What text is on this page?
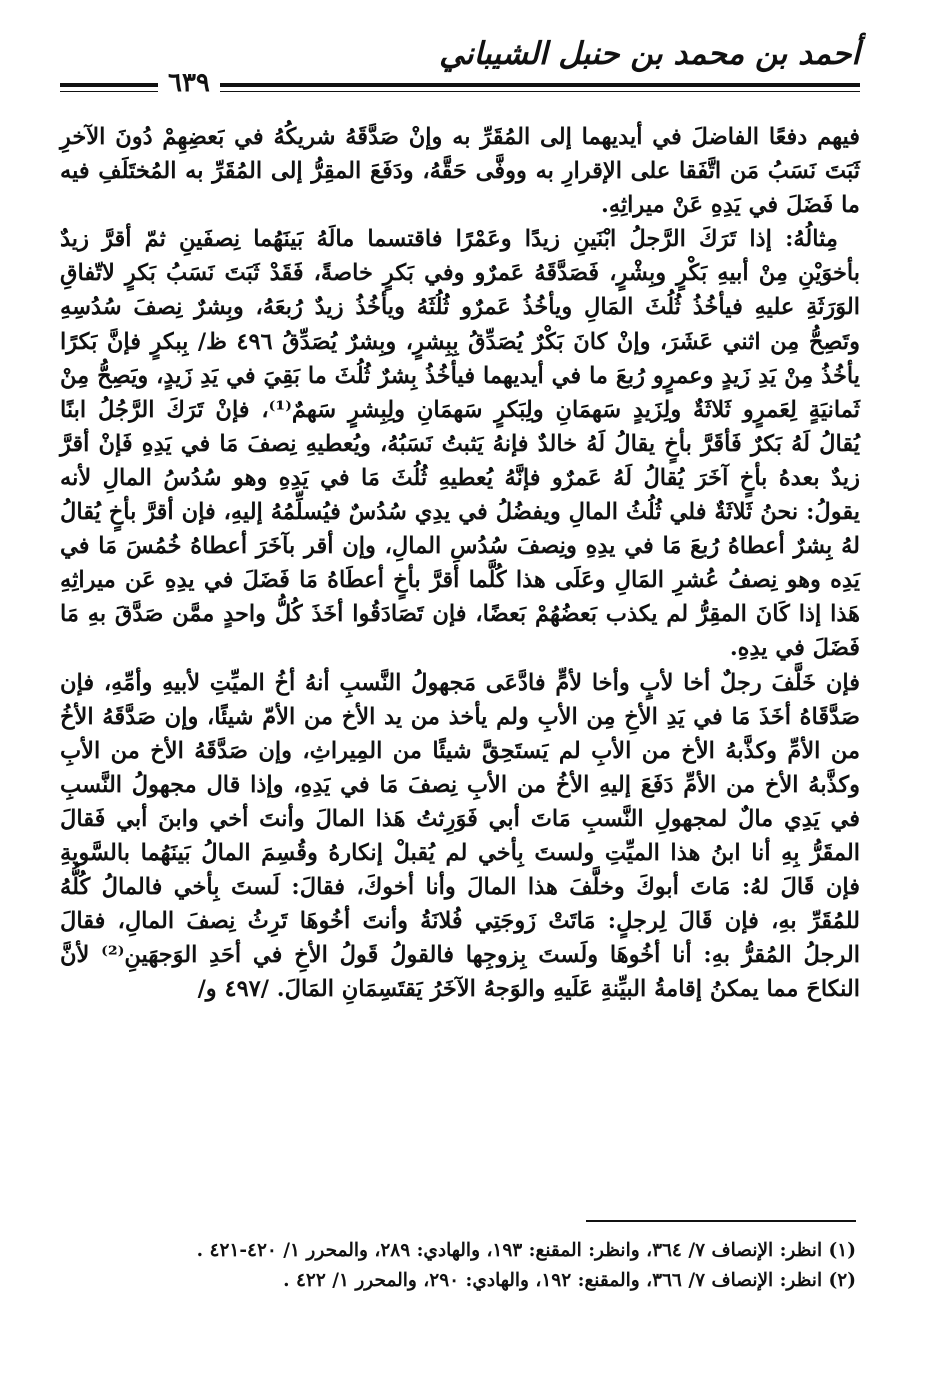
أحمد بن محمد بن حنبل الشيباني
٦٣٩

فيهم دفعًا الفاضلَ في أيديهما إلى المُقَرِّ به وإنْ صَدَّقَهُ شريكُهُ في بَعضِهِمْ دُونَ الآخرِ ثَبَتَ نَسَبُ مَن اتَّفَقا على الإقرارِ به ووفَّى حَقَّهُ، ودَفَعَ المقِرُّ إلى المُقَرِّ به المُختَلَفِ فيه ما فَضَلَ في يَدِهِ عَنْ ميراثِهِ.

مِثالُهُ: إذا تَرَكَ الرَّجلُ ابْنَينِ زيدًا وعَمْرًا فاقتسما مالَهُ بَينَهُما نِصفَينِ ثمّ أقرَّ زيدٌ بأخوَيْنِ مِنْ أبيهِ بَكْرٍ وبِشْرٍ، فَصَدَّقَهُ عَمرٌو وفي بَكرٍ خاصةً، فَقَدْ ثَبَتَ نَسَبُ بَكرٍ لاتّفاقِ الوَرَثَةِ عليهِ فيأخُذُ ثُلُثَ المَالِ ويأخُذُ عَمرٌو ثُلُثَهُ ويأخُذُ زيدٌ رُبعَهُ، وبِشرٌ نِصفَ سُدُسِهِ وتَصِحُّ مِن اثني عَشَرَ، وإنْ كانَ بَكْرٌ يُصَدِّقُ بِبِشرٍ، وبِشرٌ يُصَدِّقُ ٤٩٦ ظ/ بِبكرٍ فإنَّ بَكرًا يأخُذُ مِنْ يَدِ زَيدٍ وعمرٍو رُبعَ ما في أيديهما فيأخُذُ بِشرٌ ثُلُثَ ما بَقِيَ في يَدِ زَيدٍ، ويَصِحُّ مِنْ ثَمانيَةٍ لِعَمرٍو ثَلاثَةٌ ولِزَيدٍ سَهمَانِ ولِبَكرٍ سَهمَانِ ولِبِشرٍ سَهمٌ⁽¹⁾، فإنْ تَرَكَ الرَّجُلُ ابنًا يُقالُ لَهُ بَكرٌ فَأقَرَّ بأخٍ يقالُ لَهُ خالدٌ فإنهُ يَثبتُ نَسَبُهُ، ويُعطيهِ نِصفَ مَا في يَدِهِ فَإنْ أقرَّ زيدٌ بعدهُ بأخٍ آخَرَ يُقالُ لَهُ عَمرٌو فإنَّهُ يُعطيهِ ثُلُثَ مَا في يَدِهِ وهو سُدُسُ المالِ لأنه يقولُ: نحنُ ثَلاثَةٌ فلي ثُلُثُ المالِ ويفضُلُ في يدِي سُدُسٌ فيُسلِّمُهُ إليهِ، فإن أقرَّ بأخٍ يُقالُ لهُ بِشرٌ أعطاهُ رُبعَ مَا في يدِهِ ونِصفَ سُدُسِ المالِ، وإن أقر بآخَرَ أعطاهُ خُمُسَ مَا في يَدِه وهو نِصفُ عُشرِ المَالِ وعَلَى هذا كُلَّما أقرَّ بأخٍ أعطَاهُ مَا فَضَلَ في يدِهِ عَن ميراثِهِ هَذا إذا كَانَ المقِرُّ لم يكذب بَعضُهُمْ بَعضًا، فإن تَصَادَقُوا أخَذَ كُلُّ واحدٍ ممَّن صَدَّقَ بهِ مَا فَضَلَ في يدِهِ.

فإن خَلَّفَ رجلٌ أخا لأبٍ وأخا لأمٍّ فادَّعَى مَجهولُ النَّسبِ أنهُ أخُ الميِّتِ لأبيهِ وأمِّهِ، فإن صَدَّقَاهُ أخَذَ مَا في يَدِ الأخِ مِن الأبِ ولم يأخذ من يد الأخ من الأمّ شيئًا، وإن صَدَّقَهُ الأخُ من الأمِّ وكذَّبهُ الأخ من الأبِ لم يَستَحِقَّ شيئًا من المِيراثِ، وإن صَدَّقَهُ الأخ من الأبِ وكذَّبهُ الأخ من الأمِّ دَفَعَ إليهِ الأخُ من الأبِ نِصفَ مَا في يَدِهِ، وإذا قال مجهولُ النَّسبِ في يَدِي مالٌ لمجهولِ النَّسبِ مَاتَ أبي فَوَرِثتُ هَذا المالَ وأنتَ أخي وابنَ أبي فَقالَ المقَرُّ بِهِ أنا ابنُ هذا الميِّتِ ولستَ بِأخي لم يُقبلْ إنكارهُ وقُسِمَ المالُ بَينَهُما بالسَّويةِ فإن قَالَ لهُ: مَاتَ أبوكَ وخلَّفَ هذا المالَ وأنا أخوكَ، فقالَ: لَستَ بِأخي فالمالُ كُلُّهُ للمُقَرِّ بهِ، فإن قَالَ لِرجلٍ: مَاتَتْ زَوجَتِي فُلانَةُ وأنتَ أخُوهَا تَرِثُ نِصفَ المالِ، فقالَ الرجلُ المُقرُّ بهِ: أنا أخُوهَا ولَستَ بِزوجِها فالقولُ قَولُ الأخِ في أحَدِ الوَجهَينِ⁽²⁾ لأنَّ النكاحَ مما يمكنُ إقامةُ البيِّنةِ عَلَيهِ والوَجهُ الآخَرُ يَقتَسِمَانِ المَالَ. /٤٩٧ و/

(١) انظر: الإنصاف ٧/ ٣٦٤، وانظر: المقنع: ١٩٣، والهادي: ٢٨٩، والمحرر ١/ ٤٢٠-٤٢١ .

(٢) انظر: الإنصاف ٧/ ٣٦٦، والمقنع: ١٩٢، والهادي: ٢٩٠، والمحرر ١/ ٤٢٢ .
